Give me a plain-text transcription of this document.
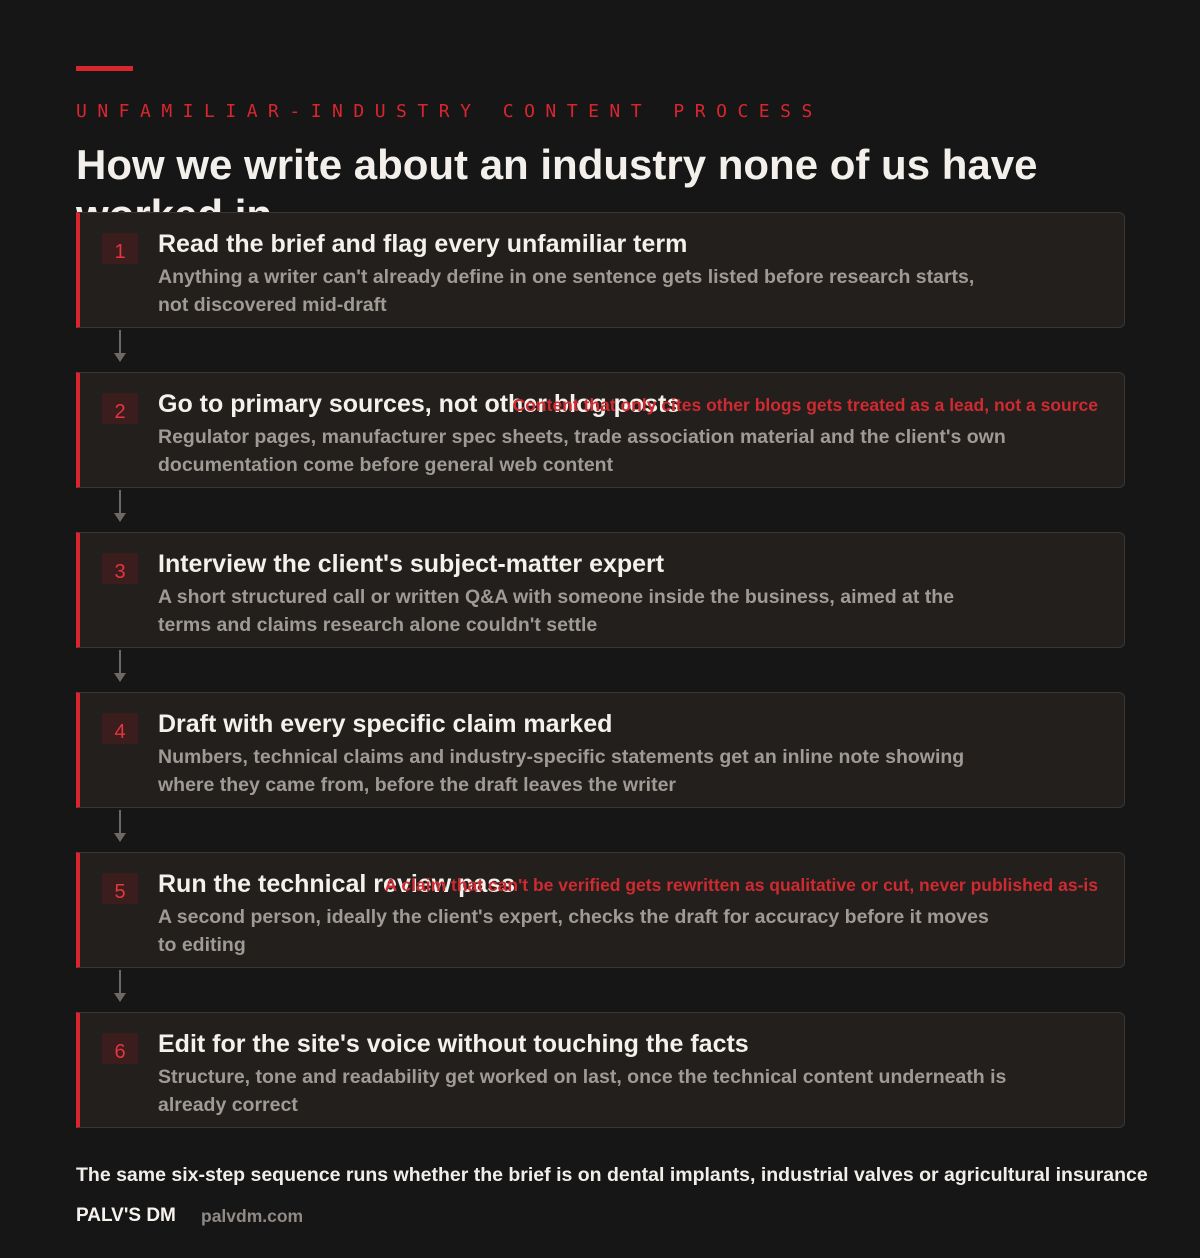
UNFAMILIAR-INDUSTRY CONTENT PROCESS

How we write about an industry none of us have
1	Read the brief and flag every unfamiliar term

Anything a writer can't already define in one sentence gets listed before research starts, not discovered mid-draft

2	Go to primary sources, not other blog posts

Content that only cites other blogs gets treated as a lead, not a source

Regulator pages, manufacturer spec sheets, trade association material and the client's own documentation come before general web content

3	Interview the client's subject-matter expert

A short structured call or written Q&A with someone inside the business, aimed at the terms and claims research alone couldn't settle

4	Draft with every specific claim marked

Numbers, technical claims and industry-specific statements get an inline note showing where they came from, before the draft leaves the writer

5	Run the technical review pass

A claim that can't be verified gets rewritten as qualitative or cut, never published as-is

A second person, ideally the client's expert, checks the draft for accuracy before it moves to editing

6	Edit for the site's voice without touching the facts

Structure, tone and readability get worked on last, once the technical content underneath is already correct

The same six-step sequence runs whether the brief is on dental implants, industrial valves or agricultural insurance

PALV'S DM palvdm.com
